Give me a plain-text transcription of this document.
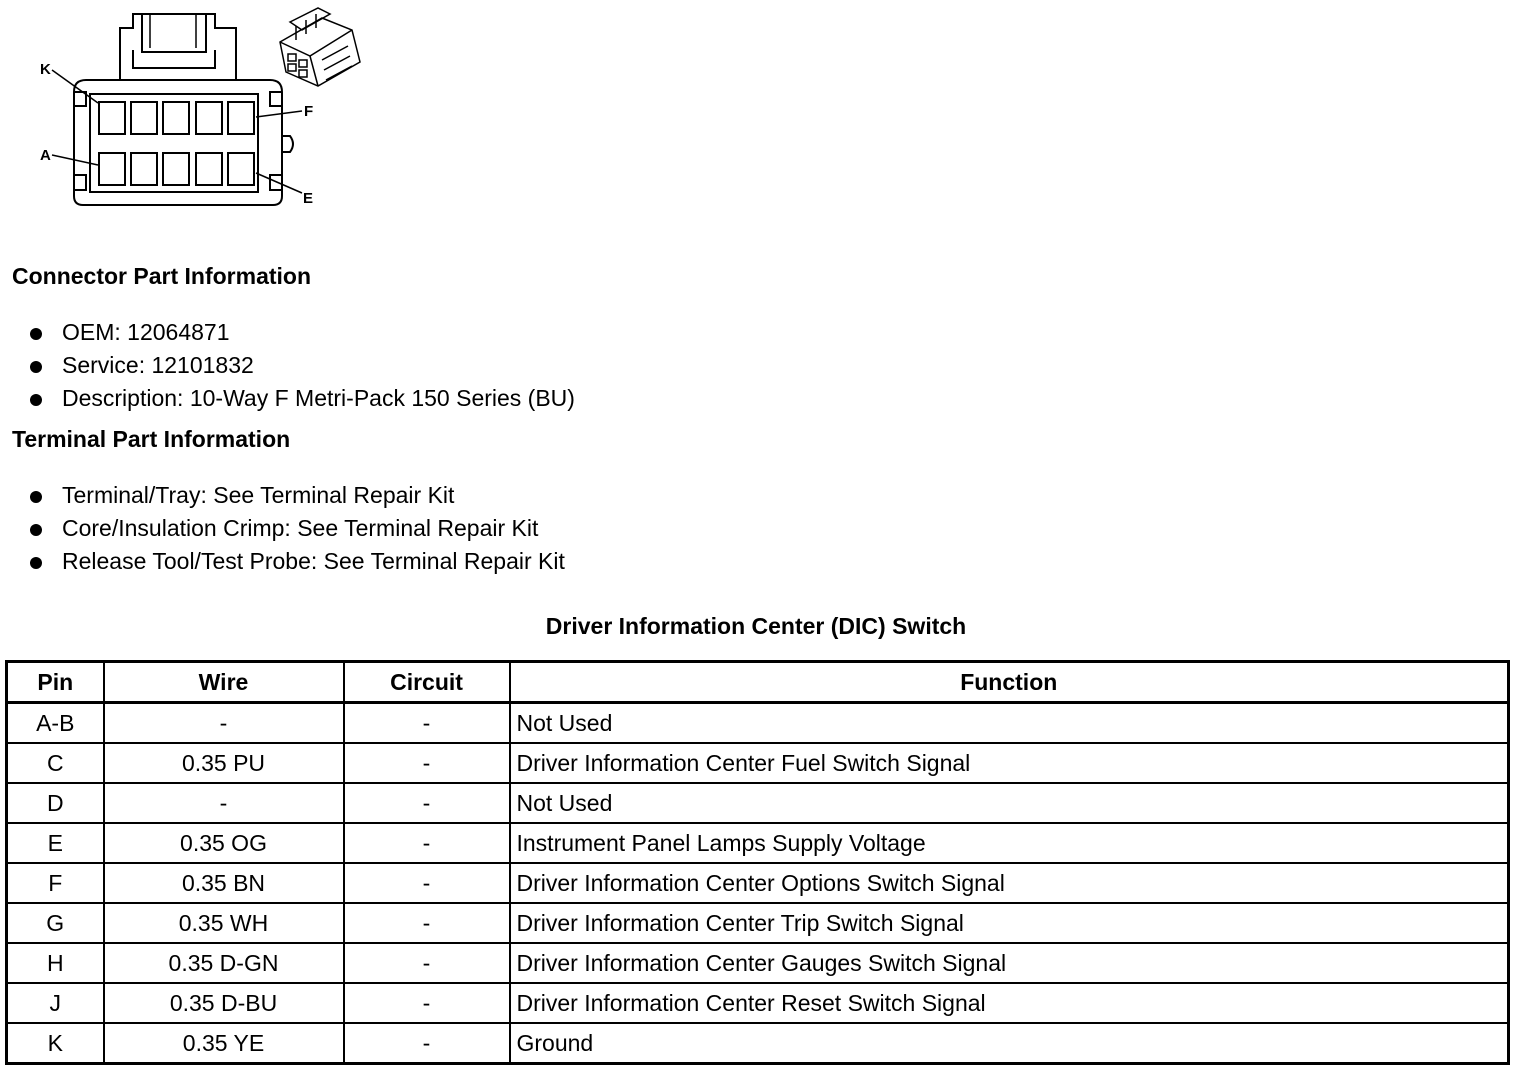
K
A
F
E
Connector Part Information
OEM: 12064871
Service: 12101832
Description: 10-Way F Metri-Pack 150 Series (BU)
Terminal Part Information
Terminal/Tray: See Terminal Repair Kit
Core/Insulation Crimp: See Terminal Repair Kit
Release Tool/Test Probe: See Terminal Repair Kit
Driver Information Center (DIC) Switch
Pin	Wire	Circuit	Function
A-B	-	-	Not Used
C	0.35 PU	-	Driver Information Center Fuel Switch Signal
D	-	-	Not Used
E	0.35 OG	-	Instrument Panel Lamps Supply Voltage
F	0.35 BN	-	Driver Information Center Options Switch Signal
G	0.35 WH	-	Driver Information Center Trip Switch Signal
H	0.35 D-GN	-	Driver Information Center Gauges Switch Signal
J	0.35 D-BU	-	Driver Information Center Reset Switch Signal
K	0.35 YE	-	Ground
